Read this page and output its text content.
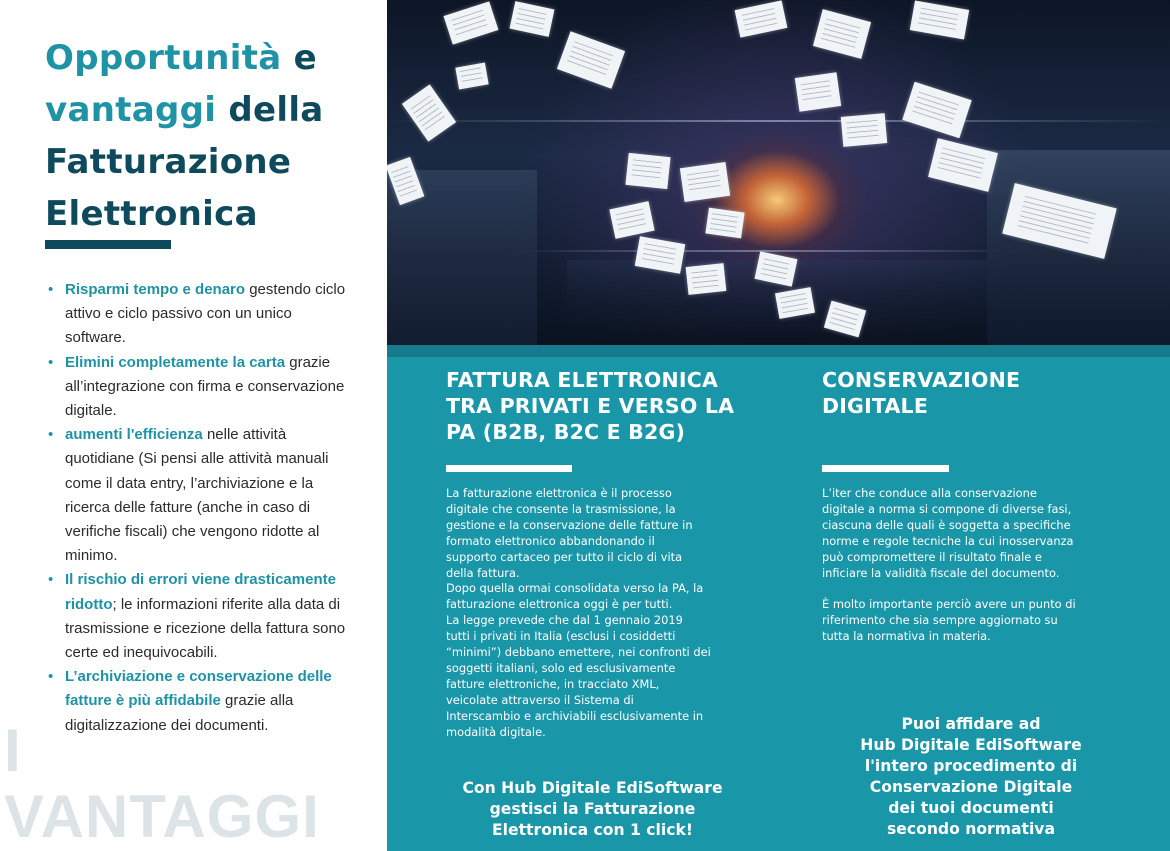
I
VANTAGGI
Opportunità e
vantaggi della
Fatturazione
Elettronica
• Risparmi tempo e denaro gestendo ciclo attivo e ciclo passivo con un unico software.
• Elimini completamente la carta grazie all’integrazione con firma e conservazione digitale.
• aumenti l'efficienza nelle attività quotidiane (Si pensi alle attività manuali come il data entry, l’archiviazione e la ricerca delle fatture (anche in caso di verifiche fiscali) che vengono ridotte al minimo.
• Il rischio di errori viene drasticamente ridotto; le informazioni riferite alla data di trasmissione e ricezione della fattura sono certe ed inequivocabili.
• L’archiviazione e conservazione delle fatture è più affidabile grazie alla digitalizzazione dei documenti.
FATTURA ELETTRONICA
TRA PRIVATI E VERSO LA
PA (B2B, B2C E B2G)

La fatturazione elettronica è il processo
digitale che consente la trasmissione, la
gestione e la conservazione delle fatture in
formato elettronico abbandonando il
supporto cartaceo per tutto il ciclo di vita
della fattura.
Dopo quella ormai consolidata verso la PA, la
fatturazione elettronica oggi è per tutti.
La legge prevede che dal 1 gennaio 2019
tutti i privati in Italia (esclusi i cosiddetti
“minimi”) debbano emettere, nei confronti dei
soggetti italiani, solo ed esclusivamente
fatture elettroniche, in tracciato XML,
veicolate attraverso il Sistema di
Interscambio e archiviabili esclusivamente in
modalità digitale.

Con Hub Digitale EdiSoftware
gestisci la Fatturazione
Elettronica con 1 click!

CONSERVAZIONE
DIGITALE

L’iter che conduce alla conservazione
digitale a norma si compone di diverse fasi,
ciascuna delle quali è soggetta a specifiche
norme e regole tecniche la cui inosservanza
può compromettere il risultato finale e
inficiare la validità fiscale del documento.

È molto importante perciò avere un punto di
riferimento che sia sempre aggiornato su
tutta la normativa in materia.

Puoi affidare ad
Hub Digitale EdiSoftware
l'intero procedimento di
Conservazione Digitale
dei tuoi documenti
secondo normativa
